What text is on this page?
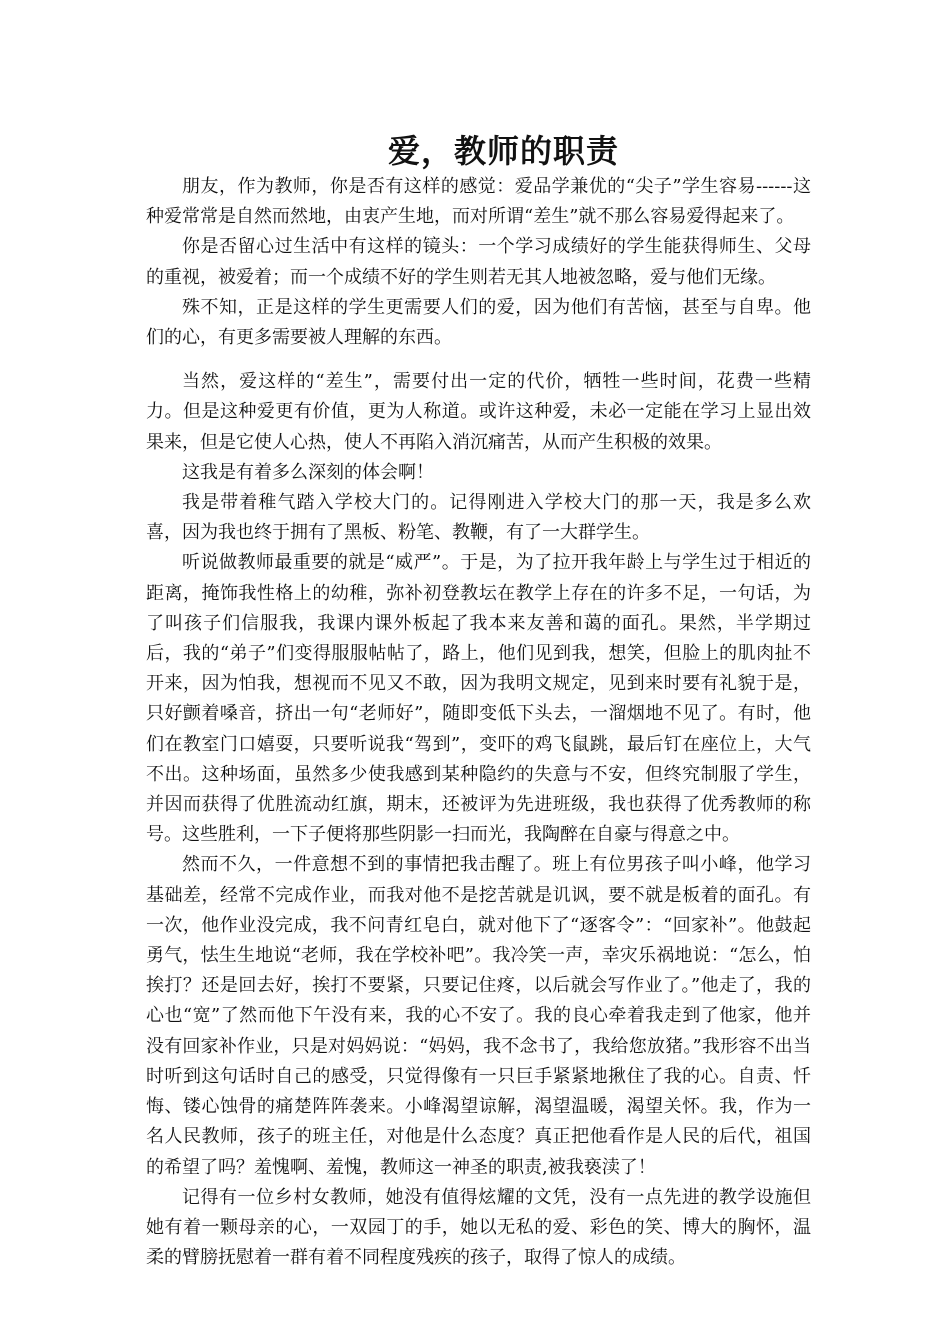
爱，教师的职责

朋友，作为教师，你是否有这样的感觉：爱品学兼优的“尖子”学生容易------这种爱常常是自然而然地，由衷产生地，而对所谓“差生”就不那么容易爱得起来了。

你是否留心过生活中有这样的镜头：一个学习成绩好的学生能获得师生、父母的重视，被爱着；而一个成绩不好的学生则若无其人地被忽略，爱与他们无缘。

殊不知，正是这样的学生更需要人们的爱，因为他们有苦恼，甚至与自卑。他们的心，有更多需要被人理解的东西。

当然，爱这样的“差生”，需要付出一定的代价，牺牲一些时间，花费一些精力。但是这种爱更有价值，更为人称道。或许这种爱，未必一定能在学习上显出效果来，但是它使人心热，使人不再陷入消沉痛苦，从而产生积极的效果。

这我是有着多么深刻的体会啊！

我是带着稚气踏入学校大门的。记得刚进入学校大门的那一天，我是多么欢喜，因为我也终于拥有了黑板、粉笔、教鞭，有了一大群学生。

听说做教师最重要的就是“威严”。于是，为了拉开我年龄上与学生过于相近的距离，掩饰我性格上的幼稚，弥补初登教坛在教学上存在的许多不足，一句话，为了叫孩子们信服我，我课内课外板起了我本来友善和蔼的面孔。果然，半学期过后，我的“弟子”们变得服服帖帖了，路上，他们见到我，想笑，但脸上的肌肉扯不开来，因为怕我，想视而不见又不敢，因为我明文规定，见到来时要有礼貌于是，只好颤着嗓音，挤出一句“老师好”，随即变低下头去，一溜烟地不见了。有时，他们在教室门口嬉耍，只要听说我“驾到”，变吓的鸡飞鼠跳，最后钉在座位上，大气不出。这种场面，虽然多少使我感到某种隐约的失意与不安，但终究制服了学生，并因而获得了优胜流动红旗，期末，还被评为先进班级，我也获得了优秀教师的称号。这些胜利，一下子便将那些阴影一扫而光，我陶醉在自豪与得意之中。

然而不久，一件意想不到的事情把我击醒了。班上有位男孩子叫小峰，他学习基础差，经常不完成作业，而我对他不是挖苦就是讥讽，要不就是板着的面孔。有一次，他作业没完成，我不问青红皂白，就对他下了“逐客令”：“回家补”。他鼓起勇气，怯生生地说“老师，我在学校补吧”。我冷笑一声，幸灾乐祸地说：“怎么，怕挨打？还是回去好，挨打不要紧，只要记住疼，以后就会写作业了。”他走了，我的心也“宽”了然而他下午没有来，我的心不安了。我的良心牵着我走到了他家，他并没有回家补作业，只是对妈妈说：“妈妈，我不念书了，我给您放猪。”我形容不出当时听到这句话时自己的感受，只觉得像有一只巨手紧紧地揪住了我的心。自责、忏悔、镂心蚀骨的痛楚阵阵袭来。小峰渴望谅解，渴望温暖，渴望关怀。我，作为一名人民教师，孩子的班主任，对他是什么态度？真正把他看作是人民的后代，祖国的希望了吗？羞愧啊、羞愧，教师这一神圣的职责,被我亵渎了！

记得有一位乡村女教师，她没有值得炫耀的文凭，没有一点先进的教学设施但她有着一颗母亲的心，一双园丁的手，她以无私的爱、彩色的笑、博大的胸怀，温柔的臂膀抚慰着一群有着不同程度残疾的孩子，取得了惊人的成绩。
